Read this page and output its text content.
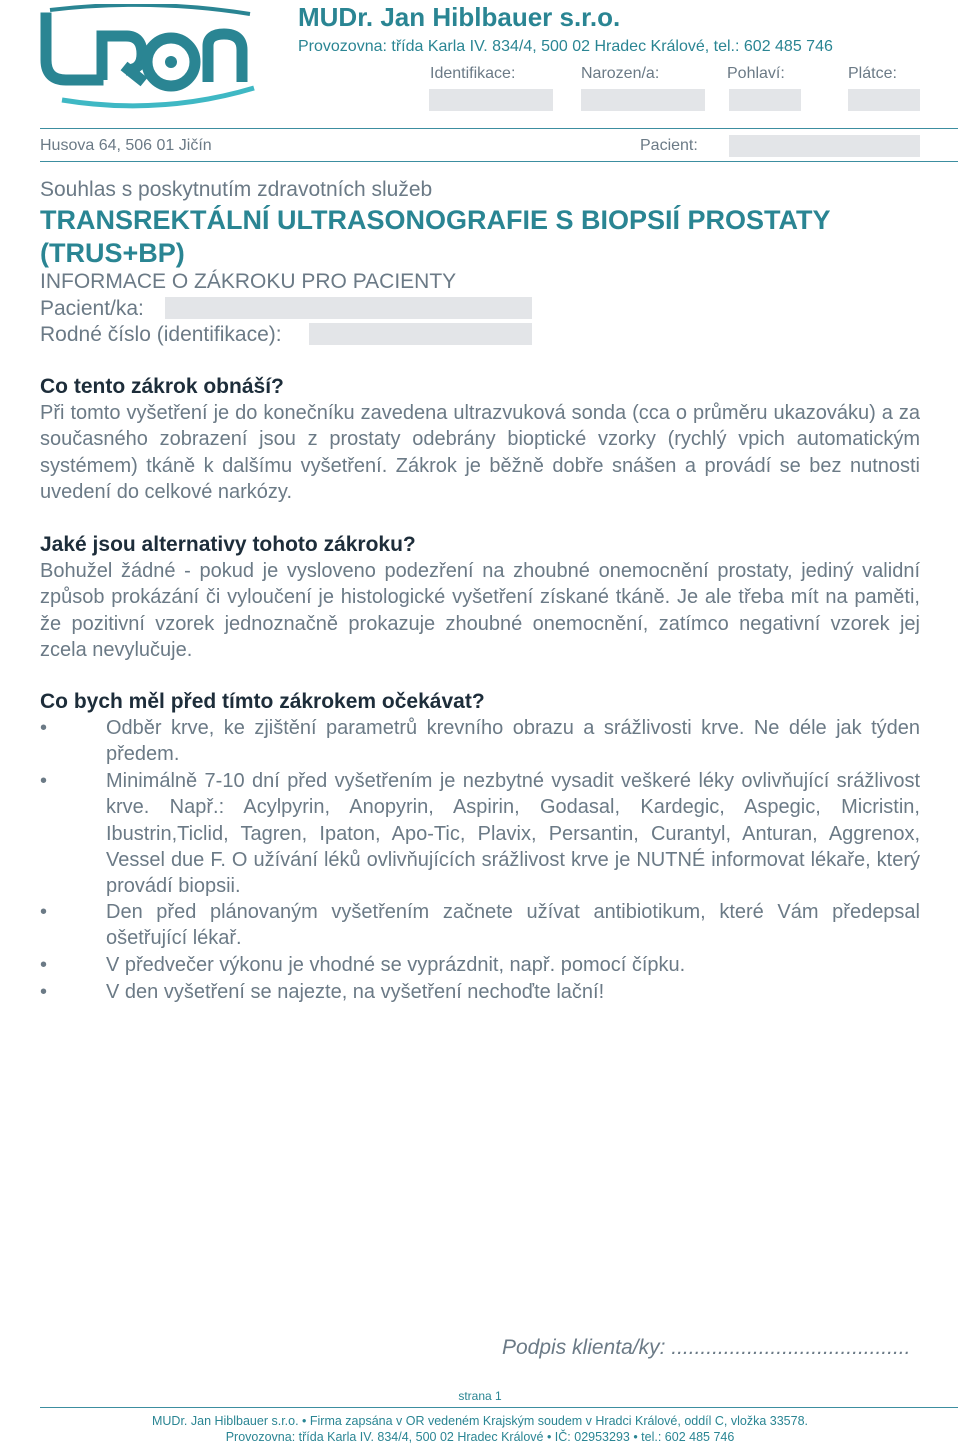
MUDr. Jan Hiblbauer s.r.o.
Provozovna: třída Karla IV. 834/4, 500 02 Hradec Králové, tel.: 602 485 746
Identifikace:	Narozen/a:	Pohlaví:	Plátce:
Husova 64, 506 01 Jičín	Pacient:
Souhlas s poskytnutím zdravotních služeb
TRANSREKTÁLNÍ ULTRASONOGRAFIE S BIOPSIÍ PROSTATY (TRUS+BP)
INFORMACE O ZÁKROKU PRO PACIENTY
Pacient/ka:
Rodné číslo (identifikace):
Co tento zákrok obnáší?
Při tomto vyšetření je do konečníku zavedena ultrazvuková sonda (cca o průměru ukazováku) a za současného zobrazení jsou z prostaty odebrány bioptické vzorky (rychlý vpich automatickým systémem) tkáně k dalšímu vyšetření. Zákrok je běžně dobře snášen a provádí se bez nutnosti uvedení do celkové narkózy.
Jaké jsou alternativy tohoto zákroku?
Bohužel žádné - pokud je vysloveno podezření na zhoubné onemocnění prostaty, jediný validní způsob prokázání či vyloučení je histologické vyšetření získané tkáně. Je ale třeba mít na paměti, že pozitivní vzorek jednoznačně prokazuje zhoubné onemocnění, zatímco negativní vzorek jej zcela nevylučuje.
Co bych měl před tímto zákrokem očekávat?
•	Odběr krve, ke zjištění parametrů krevního obrazu a srážlivosti krve. Ne déle jak týden předem.
•	Minimálně 7-10 dní před vyšetřením je nezbytné vysadit veškeré léky ovlivňující srážlivost krve. Např.: Acylpyrin, Anopyrin, Aspirin, Godasal, Kardegic, Aspegic, Micristin, Ibustrin,Ticlid, Tagren, Ipaton, Apo-Tic, Plavix, Persantin, Curantyl, Anturan, Aggrenox, Vessel due F. O užívání léků ovlivňujících srážlivost krve je NUTNÉ informovat lékaře, který provádí biopsii.
•	Den před plánovaným vyšetřením začnete užívat antibiotikum, které Vám předepsal ošetřující lékař.
•	V předvečer výkonu je vhodné se vyprázdnit, např. pomocí čípku.
•	V den vyšetření se najezte, na vyšetření nechoďte lační!
Podpis klienta/ky: .........................................
strana 1
MUDr. Jan Hiblbauer s.r.o. • Firma zapsána v OR vedeném Krajským soudem v Hradci Králové, oddíl C, vložka 33578.
Provozovna: třída Karla IV. 834/4, 500 02 Hradec Králové • IČ: 02953293 • tel.: 602 485 746
